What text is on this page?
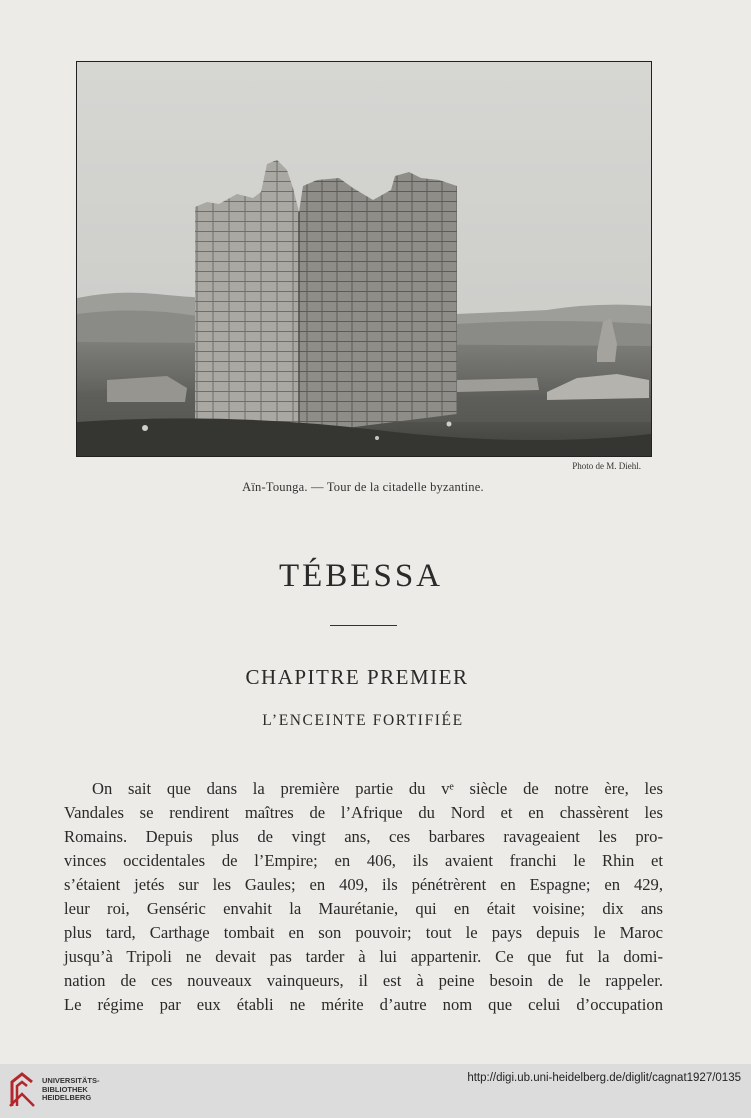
Photo de M. Diehl.
Aïn-Tounga. — Tour de la citadelle byzantine.
TÉBESSA
CHAPITRE PREMIER
L’ENCEINTE FORTIFIÉE
On sait que dans la première partie du vᵉ siècle de notre ère, les
Vandales se rendirent maîtres de l’Afrique du Nord et en chassèrent les
Romains. Depuis plus de vingt ans, ces barbares ravageaient les pro-
vinces occidentales de l’Empire; en 406, ils avaient franchi le Rhin et
s’étaient jetés sur les Gaules; en 409, ils pénétrèrent en Espagne; en 429,
leur roi, Genséric envahit la Maurétanie, qui en était voisine; dix ans
plus tard, Carthage tombait en son pouvoir; tout le pays depuis le Maroc
jusqu’à Tripoli ne devait pas tarder à lui appartenir. Ce que fut la domi-
nation de ces nouveaux vainqueurs, il est à peine besoin de le rappeler.
Le régime par eux établi ne mérite d’autre nom que celui d’occupation
UNIVERSITÄTS-
BIBLIOTHEK
HEIDELBERG
http://digi.ub.uni-heidelberg.de/diglit/cagnat1927/0135
